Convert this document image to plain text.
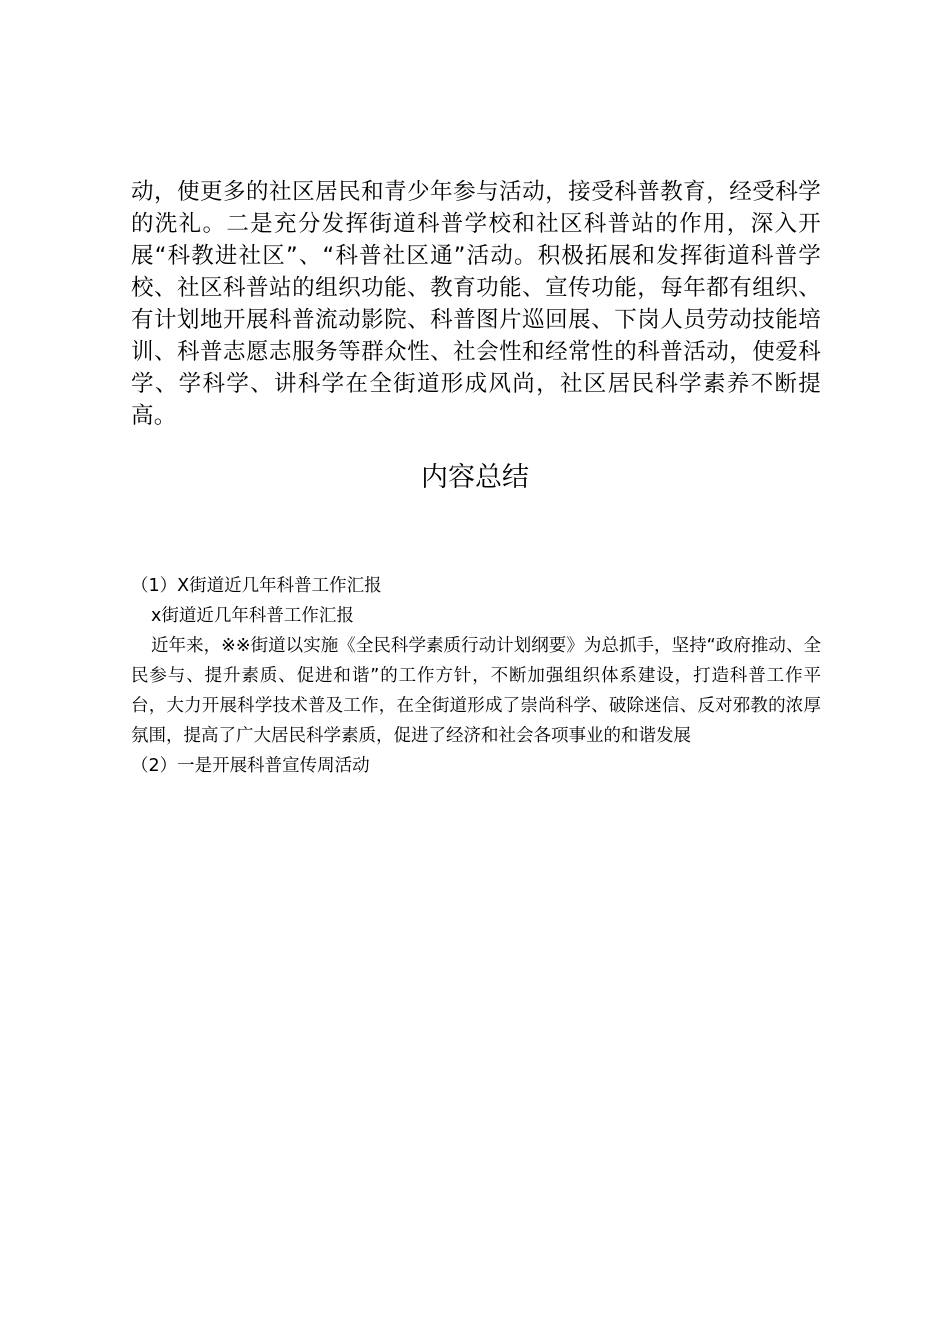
动，使更多的社区居民和青少年参与活动，接受科普教育，经受科学的洗礼。二是充分发挥街道科普学校和社区科普站的作用，深入开展“科教进社区”、“科普社区通”活动。积极拓展和发挥街道科普学校、社区科普站的组织功能、教育功能、宣传功能，每年都有组织、有计划地开展科普流动影院、科普图片巡回展、下岗人员劳动技能培训、科普志愿志服务等群众性、社会性和经常性的科普活动，使爱科学、学科学、讲科学在全街道形成风尚，社区居民科学素养不断提高。

内容总结

（1）X街道近几年科普工作汇报

x街道近几年科普工作汇报

近年来，※※街道以实施《全民科学素质行动计划纲要》为总抓手，坚持“政府推动、全民参与、提升素质、促进和谐”的工作方针，不断加强组织体系建设，打造科普工作平台，大力开展科学技术普及工作，在全街道形成了崇尚科学、破除迷信、反对邪教的浓厚氛围，提高了广大居民科学素质，促进了经济和社会各项事业的和谐发展

（2）一是开展科普宣传周活动
